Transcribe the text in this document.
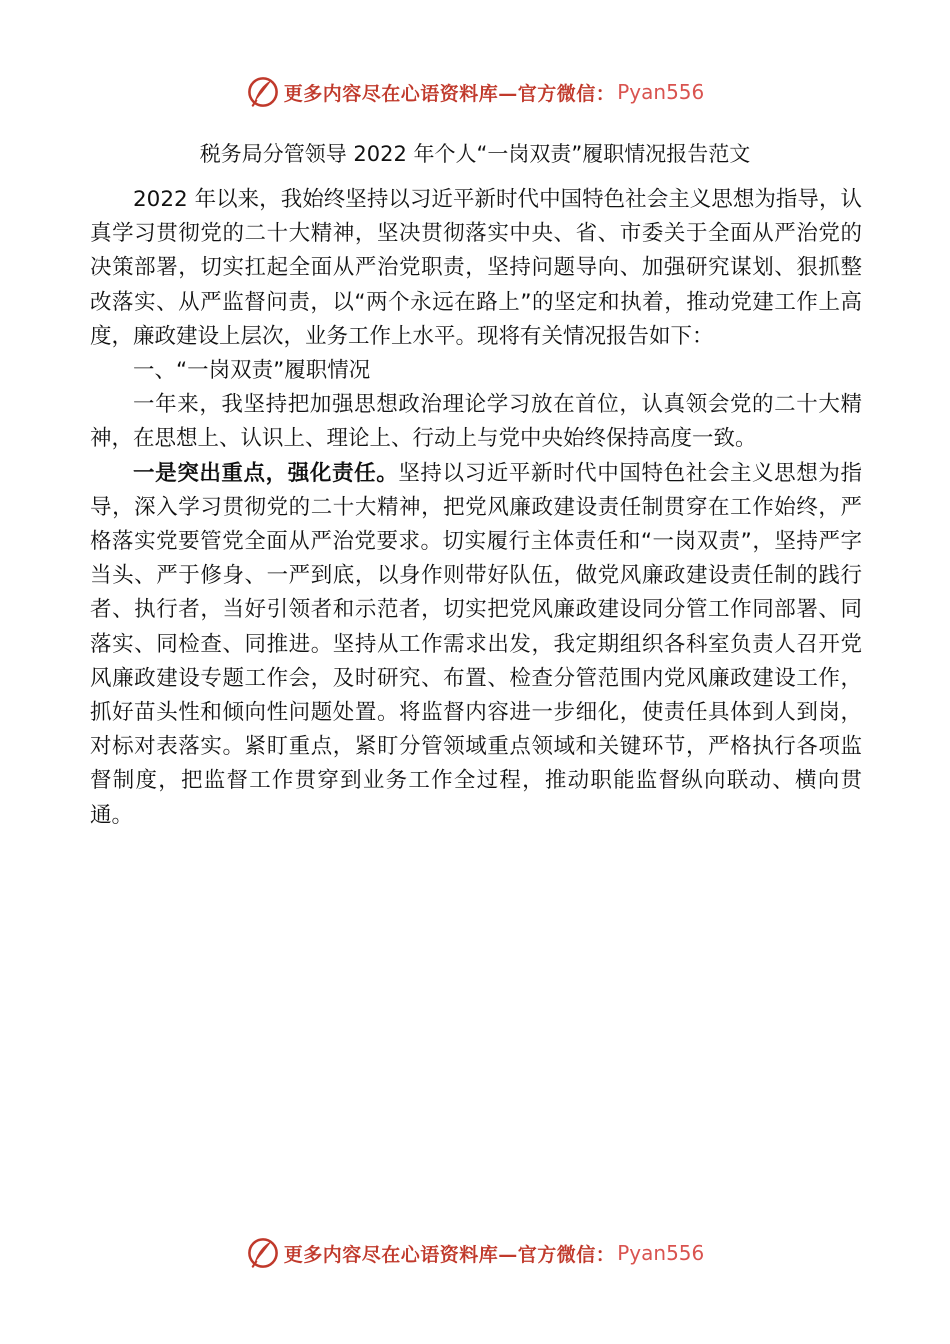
更多内容尽在心语资料库—官方微信： Pyan556
税务局分管领导 2022 年个人“一岗双责”履职情况报告范文

2022 年以来，我始终坚持以习近平新时代中国特色社会主义思想为指导，认真学习贯彻党的二十大精神，坚决贯彻落实中央、省、市委关于全面从严治党的决策部署，切实扛起全面从严治党职责，坚持问题导向、加强研究谋划、狠抓整改落实、从严监督问责，以“两个永远在路上”的坚定和执着，推动党建工作上高度，廉政建设上层次，业务工作上水平。现将有关情况报告如下：

一、“一岗双责”履职情况

一年来，我坚持把加强思想政治理论学习放在首位，认真领会党的二十大精神，在思想上、认识上、理论上、行动上与党中央始终保持高度一致。

一是突出重点，强化责任。坚持以习近平新时代中国特色社会主义思想为指导，深入学习贯彻党的二十大精神，把党风廉政建设责任制贯穿在工作始终，严格落实党要管党全面从严治党要求。切实履行主体责任和“一岗双责”，坚持严字当头、严于修身、一严到底，以身作则带好队伍，做党风廉政建设责任制的践行者、执行者，当好引领者和示范者，切实把党风廉政建设同分管工作同部署、同落实、同检查、同推进。坚持从工作需求出发，我定期组织各科室负责人召开党风廉政建设专题工作会，及时研究、布置、检查分管范围内党风廉政建设工作，抓好苗头性和倾向性问题处置。将监督内容进一步细化，使责任具体到人到岗，对标对表落实。紧盯重点，紧盯分管领域重点领域和关键环节，严格执行各项监督制度，把监督工作贯穿到业务工作全过程，推动职能监督纵向联动、横向贯通。

更多内容尽在心语资料库—官方微信： Pyan556
